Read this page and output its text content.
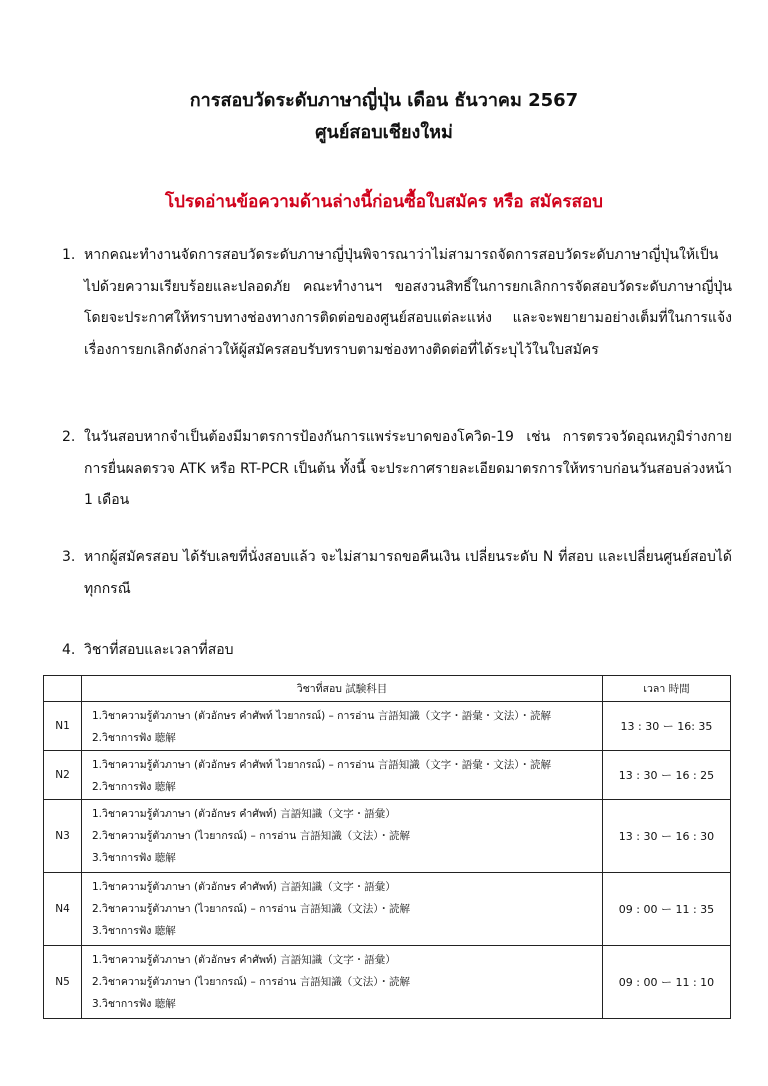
การสอบวัดระดับภาษาญี่ปุ่น เดือน ธันวาคม 2567
ศูนย์สอบเชียงใหม่
โปรดอ่านข้อความด้านล่างนี้ก่อนซื้อใบสมัคร หรือ สมัครสอบ
1. หากคณะทำงานจัดการสอบวัดระดับภาษาญี่ปุ่นพิจารณาว่าไม่สามารถจัดการสอบวัดระดับภาษาญี่ปุ่นให้เป็นไปด้วยความเรียบร้อยและปลอดภัย คณะทำงานฯ ขอสงวนสิทธิ์ในการยกเลิกการจัดสอบวัดระดับภาษาญี่ปุ่น โดยจะประกาศให้ทราบทางช่องทางการติดต่อของศูนย์สอบแต่ละแห่ง และจะพยายามอย่างเต็มที่ในการแจ้งเรื่องการยกเลิกดังกล่าวให้ผู้สมัครสอบรับทราบตามช่องทางติดต่อที่ได้ระบุไว้ในใบสมัคร
2. ในวันสอบหากจำเป็นต้องมีมาตรการป้องกันการแพร่ระบาดของโควิด-19 เช่น การตรวจวัดอุณหภูมิร่างกาย การยื่นผลตรวจ ATK หรือ RT-PCR เป็นต้น ทั้งนี้ จะประกาศรายละเอียดมาตรการให้ทราบก่อนวันสอบล่วงหน้า 1 เดือน
3. หากผู้สมัครสอบ ได้รับเลขที่นั่งสอบแล้ว จะไม่สามารถขอคืนเงิน เปลี่ยนระดับ N ที่สอบ และเปลี่ยนศูนย์สอบได้ทุกกรณี
4. วิชาที่สอบและเวลาที่สอบ
	วิชาที่สอบ 試験科目	เวลา 時間
N1	1.วิชาความรู้ตัวภาษา (ตัวอักษร คำศัพท์ ไวยากรณ์) – การอ่าน 言語知識（文字・語彙・文法）・読解
2.วิชาการฟัง 聴解	13 : 30 ー 16: 35
N2	1.วิชาความรู้ตัวภาษา (ตัวอักษร คำศัพท์ ไวยากรณ์) – การอ่าน 言語知識（文字・語彙・文法）・読解
2.วิชาการฟัง 聴解	13 : 30 ー 16 : 25
N3	1.วิชาความรู้ตัวภาษา (ตัวอักษร คำศัพท์) 言語知識（文字・語彙）
2.วิชาความรู้ตัวภาษา (ไวยากรณ์) – การอ่าน 言語知識（文法）・読解
3.วิชาการฟัง 聴解	13 : 30 ー 16 : 30
N4	1.วิชาความรู้ตัวภาษา (ตัวอักษร คำศัพท์) 言語知識（文字・語彙）
2.วิชาความรู้ตัวภาษา (ไวยากรณ์) – การอ่าน 言語知識（文法）・読解
3.วิชาการฟัง 聴解	09 : 00 ー 11 : 35
N5	1.วิชาความรู้ตัวภาษา (ตัวอักษร คำศัพท์) 言語知識（文字・語彙）
2.วิชาความรู้ตัวภาษา (ไวยากรณ์) – การอ่าน 言語知識（文法）・読解
3.วิชาการฟัง 聴解	09 : 00 ー 11 : 10
